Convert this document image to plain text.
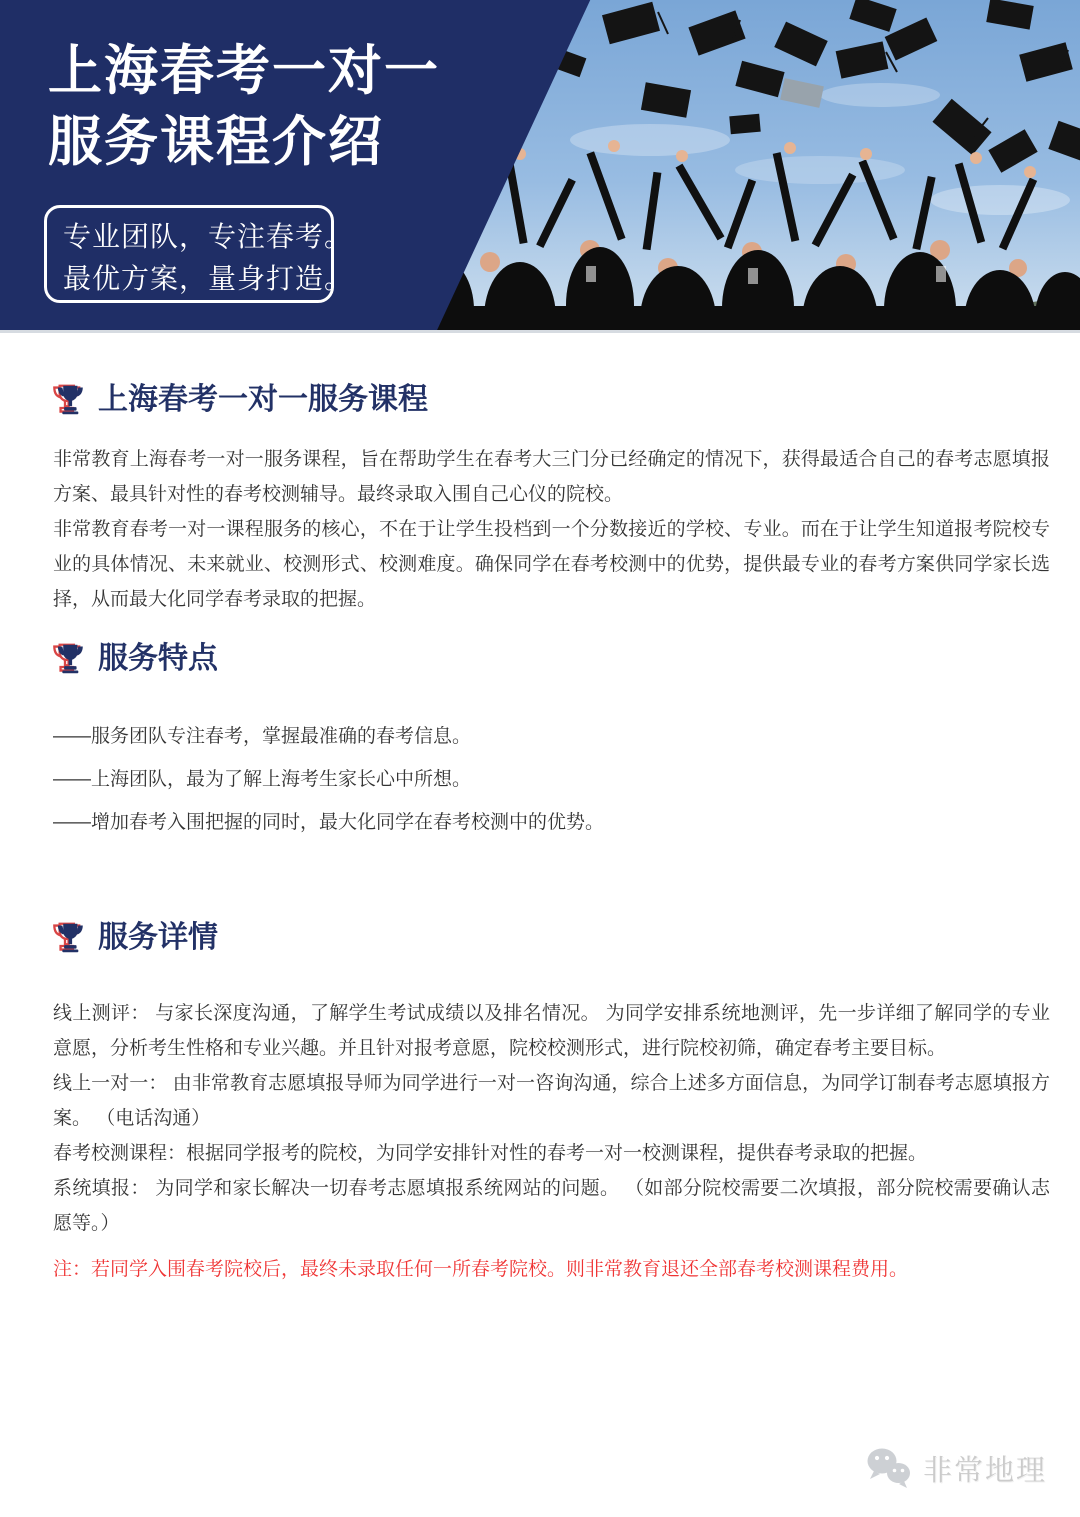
上海春考一对一
服务课程介绍
专业团队，专注春考。
最优方案，量身打造。
上海春考一对一服务课程

非常教育上海春考一对一服务课程，旨在帮助学生在春考大三门分已经确定的情况下，获得最适合自己的春考志愿填报方案、最具针对性的春考校测辅导。最终录取入围自己心仪的院校。

非常教育春考一对一课程服务的核心，不在于让学生投档到一个分数接近的学校、专业。而在于让学生知道报考院校专业的具体情况、未来就业、校测形式、校测难度。确保同学在春考校测中的优势，提供最专业的春考方案供同学家长选择，从而最大化同学春考录取的把握。

服务特点

——服务团队专注春考，掌握最准确的春考信息。

——上海团队，最为了解上海考生家长心中所想。

——增加春考入围把握的同时，最大化同学在春考校测中的优势。

服务详情

线上测评： 与家长深度沟通，了解学生考试成绩以及排名情况。 为同学安排系统地测评，先一步详细了解同学的专业意愿，分析考生性格和专业兴趣。并且针对报考意愿，院校校测形式，进行院校初筛，确定春考主要目标。

线上一对一： 由非常教育志愿填报导师为同学进行一对一咨询沟通，综合上述多方面信息，为同学订制春考志愿填报方案。 （电话沟通）

春考校测课程：根据同学报考的院校，为同学安排针对性的春考一对一校测课程，提供春考录取的把握。

系统填报： 为同学和家长解决一切春考志愿填报系统网站的问题。 （如部分院校需要二次填报，部分院校需要确认志愿等。）

注：若同学入围春考院校后，最终未录取任何一所春考院校。则非常教育退还全部春考校测课程费用。

非常地理
